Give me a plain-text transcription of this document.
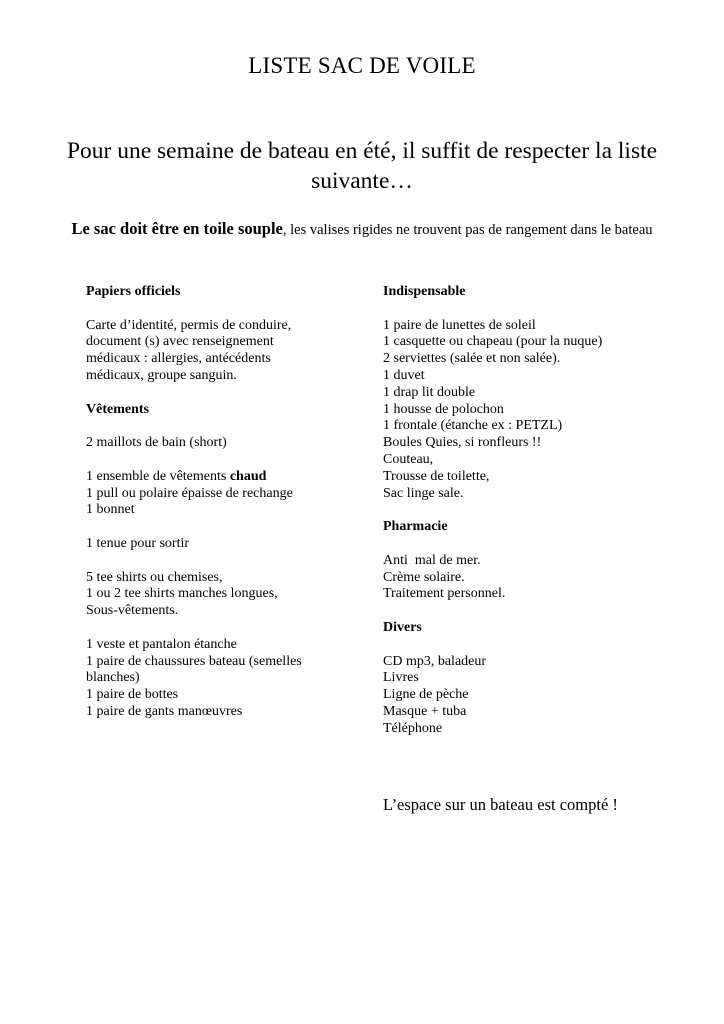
LISTE SAC DE VOILE
Pour une semaine de bateau en été, il suffit de respecter la liste suivante…
Le sac doit être en toile souple, les valises rigides ne trouvent pas de rangement dans le bateau
Papiers officiels
Carte d’identité, permis de conduire, document (s) avec renseignement médicaux : allergies, antécédents médicaux, groupe sanguin.
Vêtements
2 maillots de bain (short)
1 ensemble de vêtements chaud
1 pull ou polaire épaisse de rechange
1 bonnet
1 tenue pour sortir
5 tee shirts ou chemises,
1 ou 2 tee shirts manches longues,
Sous-vêtements.
1 veste et pantalon étanche
1 paire de chaussures bateau (semelles
blanches)
1 paire de bottes
1 paire de gants manœuvres
Indispensable
1 paire de lunettes de soleil
1 casquette ou chapeau (pour la nuque)
2 serviettes (salée et non salée).
1 duvet
1 drap lit double
1 housse de polochon
1 frontale (étanche ex : PETZL)
Boules Quies, si ronfleurs !!
Couteau,
Trousse de toilette,
Sac linge sale.
Pharmacie
Anti  mal de mer.
Crème solaire.
Traitement personnel.
Divers
CD mp3, baladeur
Livres
Ligne de pèche
Masque + tuba
Téléphone
L’espace sur un bateau est compté !
